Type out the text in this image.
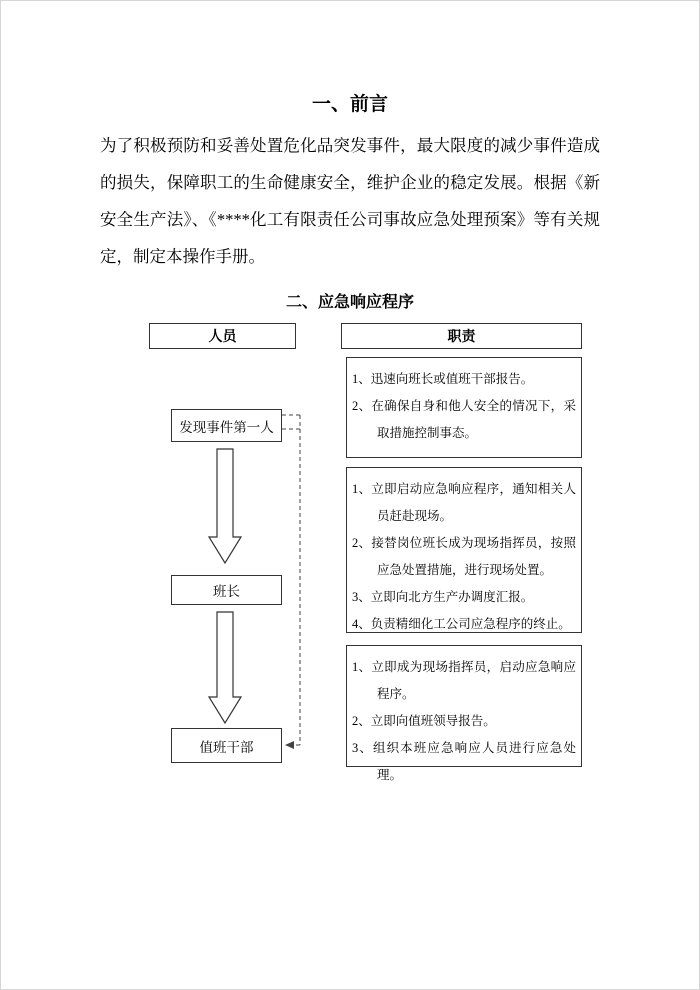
一、前言
为了积极预防和妥善处置危化品突发事件，最大限度的减少事件造成的损失，保障职工的生命健康安全，维护企业的稳定发展。根据《新安全生产法》、《****化工有限责任公司事故应急处理预案》等有关规定，制定本操作手册。
二、应急响应程序
人员	职责
发现事件第一人
班长
值班干部
1、迅速向班长或值班干部报告。
2、在确保自身和他人安全的情况下，采取措施控制事态。
1、立即启动应急响应程序，通知相关人员赶赴现场。
2、接替岗位班长成为现场指挥员，按照应急处置措施，进行现场处置。
3、立即向北方生产办调度汇报。
4、负责精细化工公司应急程序的终止。
1、立即成为现场指挥员，启动应急响应程序。
2、立即向值班领导报告。
3、组织本班应急响应人员进行应急处理。
